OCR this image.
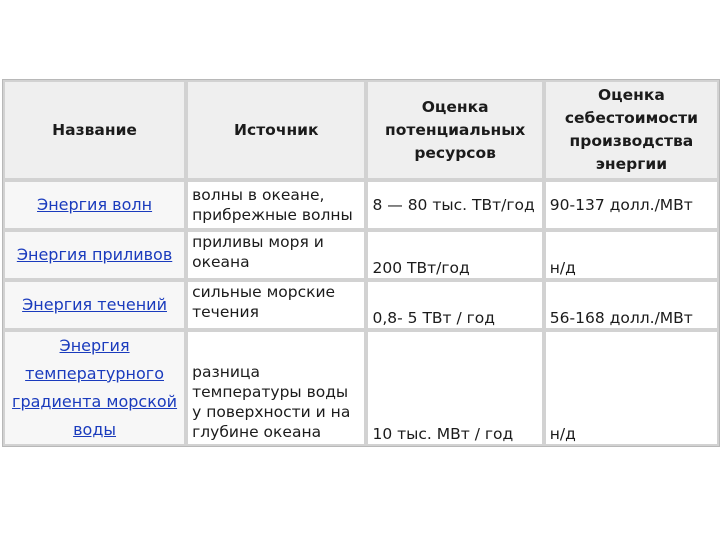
Название	Источник	Оценка потенциальных ресурсов	Оценка себестоимости производства энергии
Энергия волн	волны в океане, прибрежные волны	8 — 80 тыс. ТВт/год	90-137 долл./МВт
Энергия приливов	приливы моря и океана	200 ТВт/год	н/д
Энергия течений	сильные морские течения	0,8- 5 ТВт / год	56-168 долл./МВт
Энергия температурного градиента морской воды	разница температуры воды у поверхности и на глубине океана	10 тыс. МВт / год	н/д
